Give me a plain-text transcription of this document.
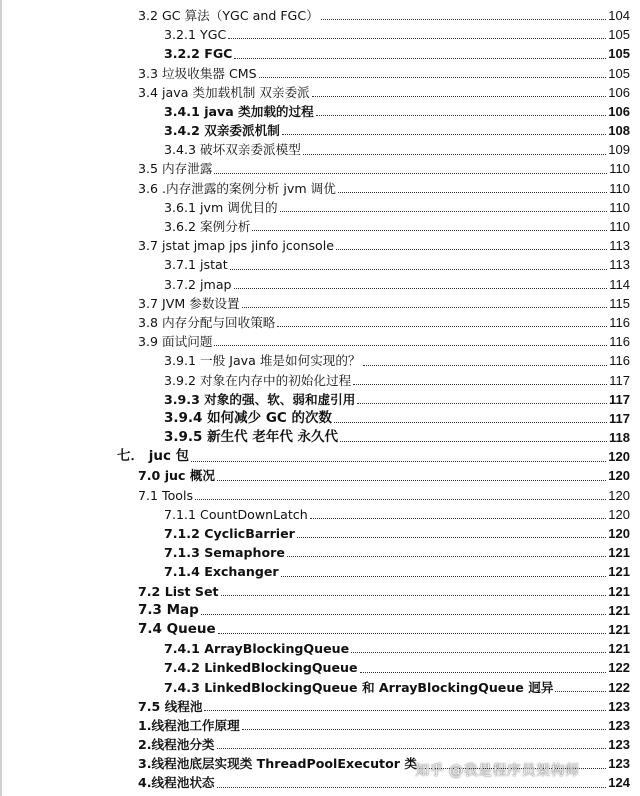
3.2 GC 算法（YGC and FGC）	104
3.2.1 YGC	105
3.2.2 FGC	105
3.3 垃圾收集器 CMS	105
3.4 java 类加载机制 双亲委派	106
3.4.1 java 类加载的过程	106
3.4.2 双亲委派机制	108
3.4.3 破坏双亲委派模型	109
3.5 内存泄露	110
3.6 .内存泄露的案例分析 jvm 调优	110
3.6.1 jvm 调优目的	110
3.6.2 案例分析	110
3.7 jstat jmap jps jinfo jconsole	113
3.7.1 jstat	113
3.7.2 jmap	114
3.7 JVM 参数设置	115
3.8 内存分配与回收策略	116
3.9 面试问题	116
3.9.1 一般 Java 堆是如何实现的？	116
3.9.2 对象在内存中的初始化过程	117
3.9.3 对象的强、软、弱和虚引用	117
3.9.4 如何减少 GC 的次数	117
3.9.5 新生代 老年代 永久代	118
七． juc 包	120
7.0 juc 概况	120
7.1 Tools	120
7.1.1 CountDownLatch	120
7.1.2 CyclicBarrier	120
7.1.3 Semaphore	121
7.1.4 Exchanger	121
7.2 List Set	121
7.3 Map	121
7.4 Queue	121
7.4.1 ArrayBlockingQueue	121
7.4.2 LinkedBlockingQueue	122
7.4.3 LinkedBlockingQueue 和 ArrayBlockingQueue 迥异	122
7.5 线程池	123
1.线程池工作原理	123
2.线程池分类	123
3.线程池底层实现类 ThreadPoolExecutor 类	123
4.线程池状态	124
知乎 @我是程序员架构师
